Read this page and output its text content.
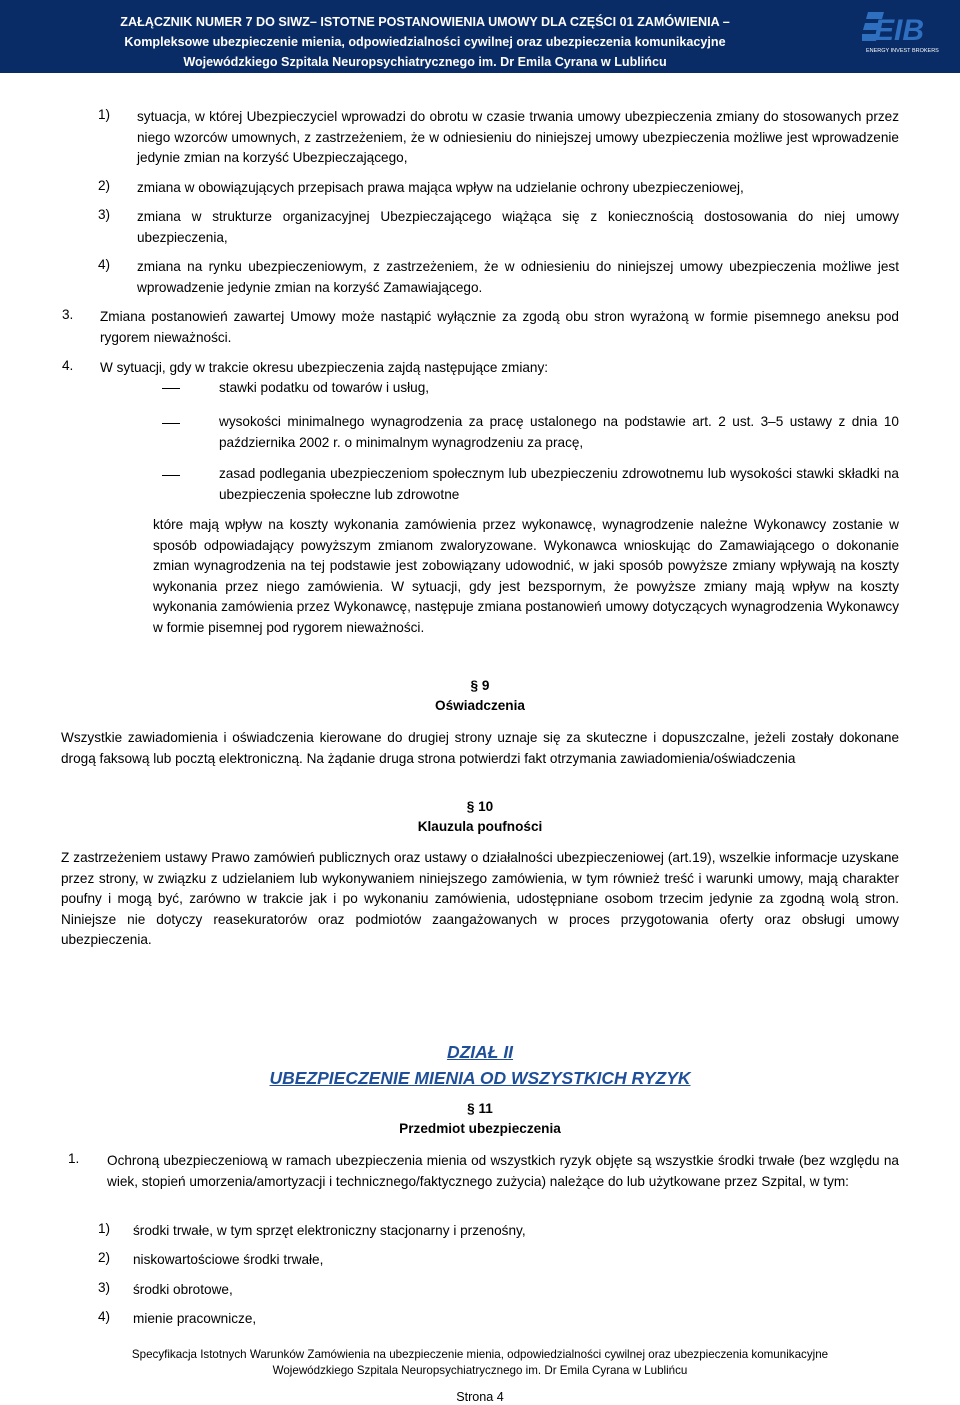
ZAŁĄCZNIK NUMER 7 DO SIWZ– ISTOTNE POSTANOWIENIA UMOWY DLA CZĘŚCI 01 ZAMÓWIENIA –
Kompleksowe ubezpieczenie mienia, odpowiedzialności cywilnej oraz ubezpieczenia komunikacyjne
Wojewódzkiego Szpitala Neuropsychiatrycznego im. Dr Emila Cyrana w Lublińcu
EIB
ENERGY INVEST BROKERS
1) sytuacja, w której Ubezpieczyciel wprowadzi do obrotu w czasie trwania umowy ubezpieczenia zmiany do stosowanych przez niego wzorców umownych, z zastrzeżeniem, że w odniesieniu do niniejszej umowy ubezpieczenia możliwe jest wprowadzenie jedynie zmian na korzyść Ubezpieczającego,
2) zmiana w obowiązujących przepisach prawa mająca wpływ na udzielanie ochrony ubezpieczeniowej,
3) zmiana w strukturze organizacyjnej Ubezpieczającego wiążąca się z koniecznością dostosowania do niej umowy ubezpieczenia,
4) zmiana na rynku ubezpieczeniowym, z zastrzeżeniem, że w odniesieniu do niniejszej umowy ubezpieczenia możliwe jest wprowadzenie jedynie zmian na korzyść Zamawiającego.
3. Zmiana postanowień zawartej Umowy może nastąpić wyłącznie za zgodą obu stron wyrażoną w formie pisemnego aneksu pod rygorem nieważności.
4. W sytuacji, gdy w trakcie okresu ubezpieczenia zajdą następujące zmiany:
stawki podatku od towarów i usług,
wysokości minimalnego wynagrodzenia za pracę ustalonego na podstawie art. 2 ust. 3–5 ustawy z dnia 10 października 2002 r. o minimalnym wynagrodzeniu za pracę,
zasad podlegania ubezpieczeniom społecznym lub ubezpieczeniu zdrowotnemu lub wysokości stawki składki na ubezpieczenia społeczne lub zdrowotne
które mają wpływ na koszty wykonania zamówienia przez wykonawcę, wynagrodzenie należne Wykonawcy zostanie w sposób odpowiadający powyższym zmianom zwaloryzowane. Wykonawca wnioskując do Zamawiającego o dokonanie zmian wynagrodzenia na tej podstawie jest zobowiązany udowodnić, w jaki sposób powyższe zmiany wpływają na koszty wykonania przez niego zamówienia. W sytuacji, gdy jest bezspornym, że powyższe zmiany mają wpływ na koszty wykonania zamówienia przez Wykonawcę, następuje zmiana postanowień umowy dotyczących wynagrodzenia Wykonawcy w formie pisemnej pod rygorem nieważności.
§ 9
Oświadczenia
Wszystkie zawiadomienia i oświadczenia kierowane do drugiej strony uznaje się za skuteczne i dopuszczalne, jeżeli zostały dokonane drogą faksową lub pocztą elektroniczną. Na żądanie druga strona potwierdzi fakt otrzymania zawiadomienia/oświadczenia
§ 10
Klauzula poufności
Z zastrzeżeniem ustawy Prawo zamówień publicznych oraz ustawy o działalności ubezpieczeniowej (art.19), wszelkie informacje uzyskane przez strony, w związku z udzielaniem lub wykonywaniem niniejszego zamówienia, w tym również treść i warunki umowy, mają charakter poufny i mogą być, zarówno w trakcie jak i po wykonaniu zamówienia, udostępniane osobom trzecim jedynie za zgodną wolą stron. Niniejsze nie dotyczy reasekuratorów oraz podmiotów zaangażowanych w proces przygotowania oferty oraz obsługi umowy ubezpieczenia.
DZIAŁ II
UBEZPIECZENIE MIENIA OD WSZYSTKICH RYZYK
§ 11
Przedmiot ubezpieczenia
1. Ochroną ubezpieczeniową w ramach ubezpieczenia mienia od wszystkich ryzyk objęte są wszystkie środki trwałe (bez względu na wiek, stopień umorzenia/amortyzacji i technicznego/faktycznego zużycia) należące do lub użytkowane przez Szpital, w tym:
1) środki trwałe, w tym sprzęt elektroniczny stacjonarny i przenośny,
2) niskowartościowe środki trwałe,
3) środki obrotowe,
4) mienie pracownicze,
Specyfikacja Istotnych Warunków Zamówienia na ubezpieczenie mienia, odpowiedzialności cywilnej oraz ubezpieczenia komunikacyjne
Wojewódzkiego Szpitala Neuropsychiatrycznego im. Dr Emila Cyrana w Lublińcu
Strona 4
